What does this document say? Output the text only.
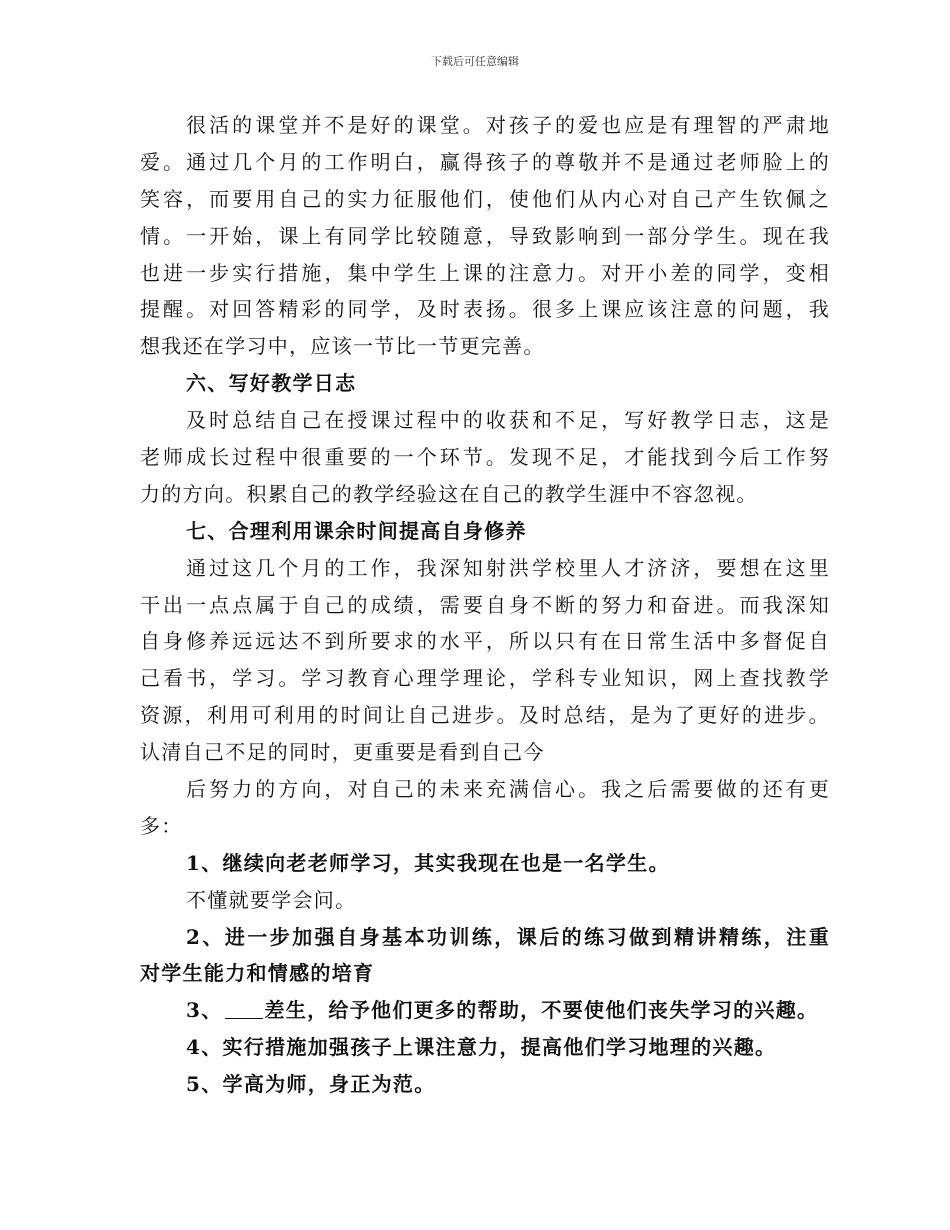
下载后可任意编辑
很活的课堂并不是好的课堂。对孩子的爱也应是有理智的严肃地
爱。通过几个月的工作明白，赢得孩子的尊敬并不是通过老师脸上的
笑容，而要用自己的实力征服他们，使他们从内心对自己产生钦佩之
情。一开始，课上有同学比较随意，导致影响到一部分学生。现在我
也进一步实行措施，集中学生上课的注意力。对开小差的同学，变相
提醒。对回答精彩的同学，及时表扬。很多上课应该注意的问题，我
想我还在学习中，应该一节比一节更完善。
六、写好教学日志
及时总结自己在授课过程中的收获和不足，写好教学日志，这是
老师成长过程中很重要的一个环节。发现不足，才能找到今后工作努
力的方向。积累自己的教学经验这在自己的教学生涯中不容忽视。
七、合理利用课余时间提高自身修养
通过这几个月的工作，我深知射洪学校里人才济济，要想在这里
干出一点点属于自己的成绩，需要自身不断的努力和奋进。而我深知
自身修养远远达不到所要求的水平，所以只有在日常生活中多督促自
己看书，学习。学习教育心理学理论，学科专业知识，网上查找教学
资源，利用可利用的时间让自己进步。及时总结，是为了更好的进步。
认清自己不足的同时，更重要是看到自己今
后努力的方向，对自己的未来充满信心。我之后需要做的还有更
多：
1、继续向老老师学习，其实我现在也是一名学生。
不懂就要学会问。
2、进一步加强自身基本功训练，课后的练习做到精讲精练，注重
对学生能力和情感的培育
3、 差生，给予他们更多的帮助，不要使他们丧失学习的兴趣。
4、实行措施加强孩子上课注意力，提高他们学习地理的兴趣。
5、学高为师，身正为范。
